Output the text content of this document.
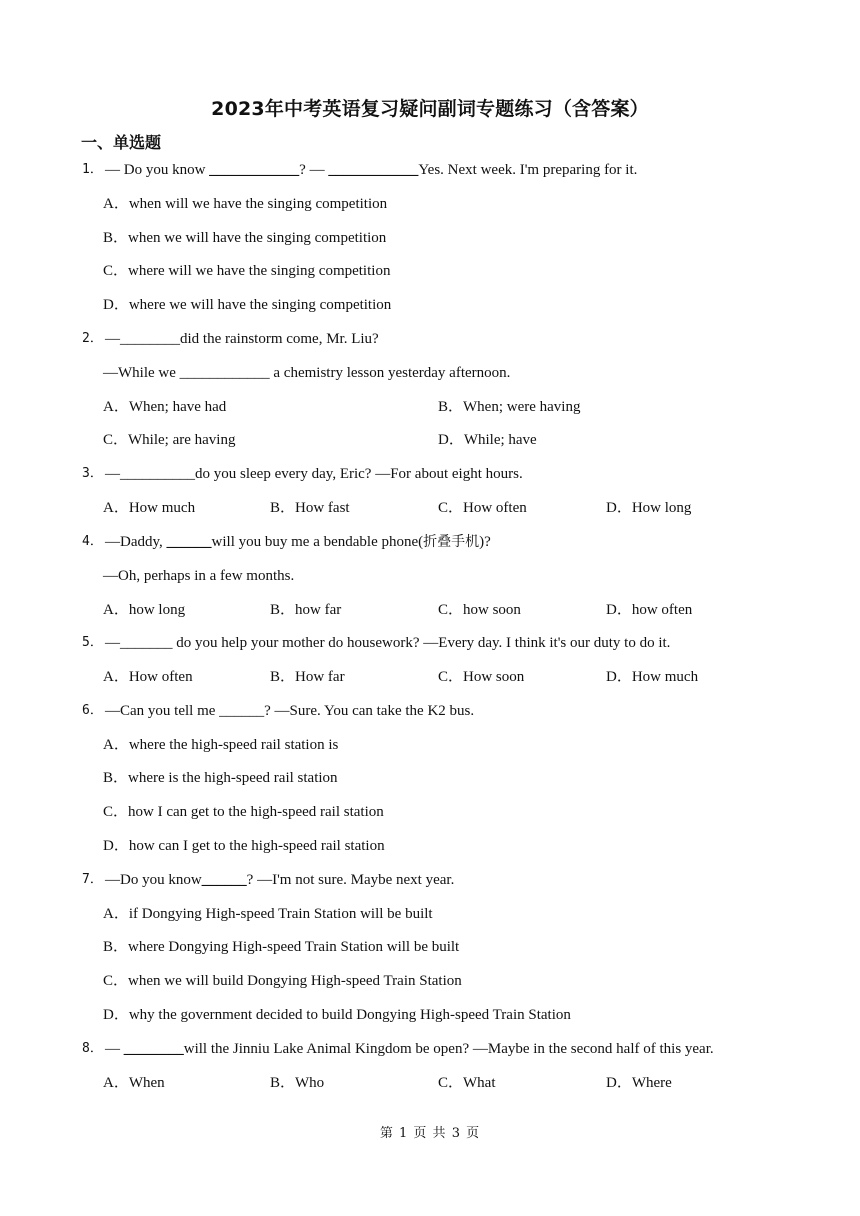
2023年中考英语复习疑问副词专题练习（含答案）
一、单选题
1． — Do you know ____________? — ____________Yes. Next week. I'm preparing for it.
A．when will we have the singing competition
B．when we will have the singing competition
C．where will we have the singing competition
D．where we will have the singing competition
2． —________did the rainstorm come, Mr. Liu?
—While we ____________ a chemistry lesson yesterday afternoon.
A．When; have had	B．When; were having
C．While; are having	D．While; have
3． —__________do you sleep every day, Eric? —For about eight hours.
A．How much	B．How fast	C．How often	D．How long
4． —Daddy, ______will you buy me a bendable phone(折叠手机)?
—Oh, perhaps in a few months.
A．how long	B．how far	C．how soon	D．how often
5． —_______ do you help your mother do housework? —Every day. I think it's our duty to do it.
A．How often	B．How far	C．How soon	D．How much
6． —Can you tell me ______? —Sure. You can take the K2 bus.
A．where the high-speed rail station is
B．where is the high-speed rail station
C．how I can get to the high-speed rail station
D．how can I get to the high-speed rail station
7． —Do you know______? —I'm not sure. Maybe next year.
A．if Dongying High-speed Train Station will be built
B．where Dongying High-speed Train Station will be built
C．when we will build Dongying High-speed Train Station
D．why the government decided to build Dongying High-speed Train Station
8． — ________will the Jinniu Lake Animal Kingdom be open? —Maybe in the second half of this year.
A．When	B．Who	C．What	D．Where
第 1 页 共 3 页
